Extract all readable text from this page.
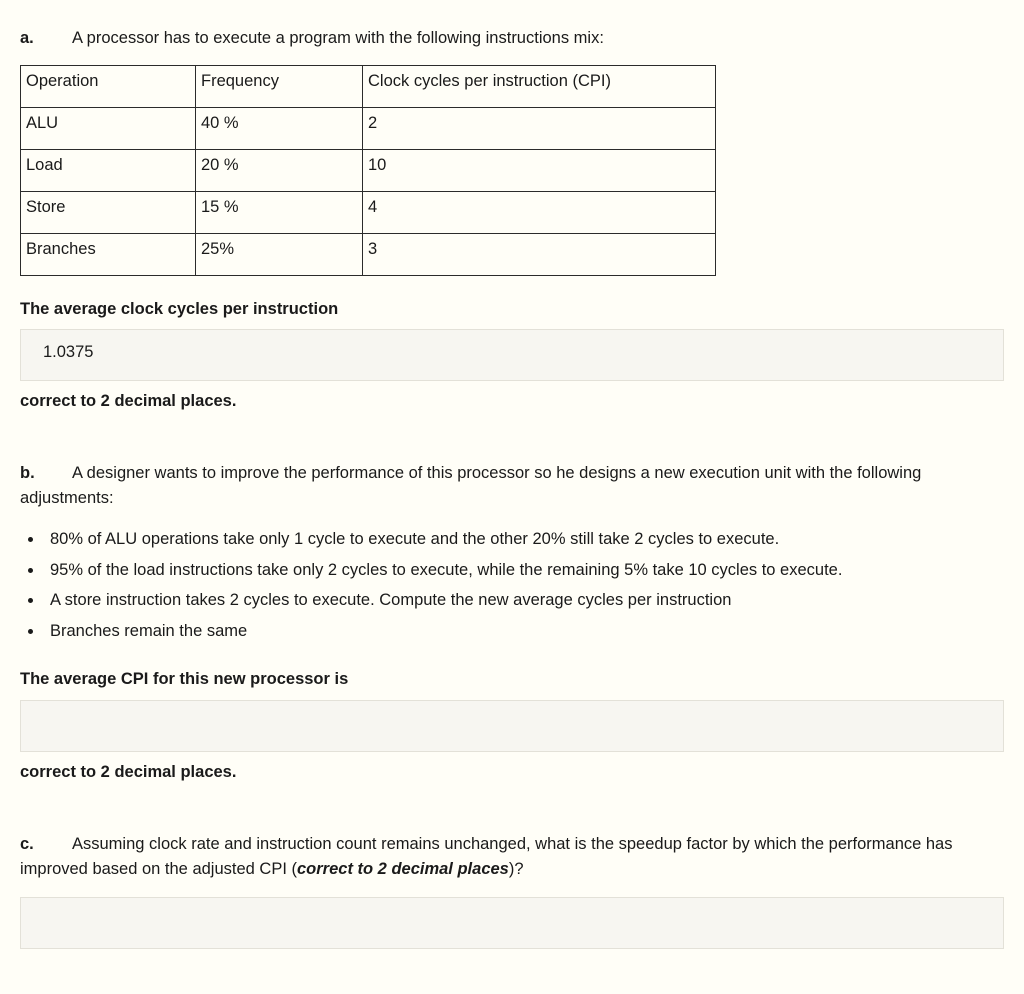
a. A processor has to execute a program with the following instructions mix:
Operation	Frequency	Clock cycles per instruction (CPI)
ALU	40 %	2
Load	20 %	10
Store	15 %	4
Branches	25%	3
The average clock cycles per instruction
1.0375
correct to 2 decimal places.
b. A designer wants to improve the performance of this processor so he designs a new execution unit with the following adjustments:
• 80% of ALU operations take only 1 cycle to execute and the other 20% still take 2 cycles to execute.
• 95% of the load instructions take only 2 cycles to execute, while the remaining 5% take 10 cycles to execute.
• A store instruction takes 2 cycles to execute. Compute the new average cycles per instruction
• Branches remain the same
The average CPI for this new processor is
correct to 2 decimal places.
c. Assuming clock rate and instruction count remains unchanged, what is the speedup factor by which the performance has improved based on the adjusted CPI (correct to 2 decimal places)?
